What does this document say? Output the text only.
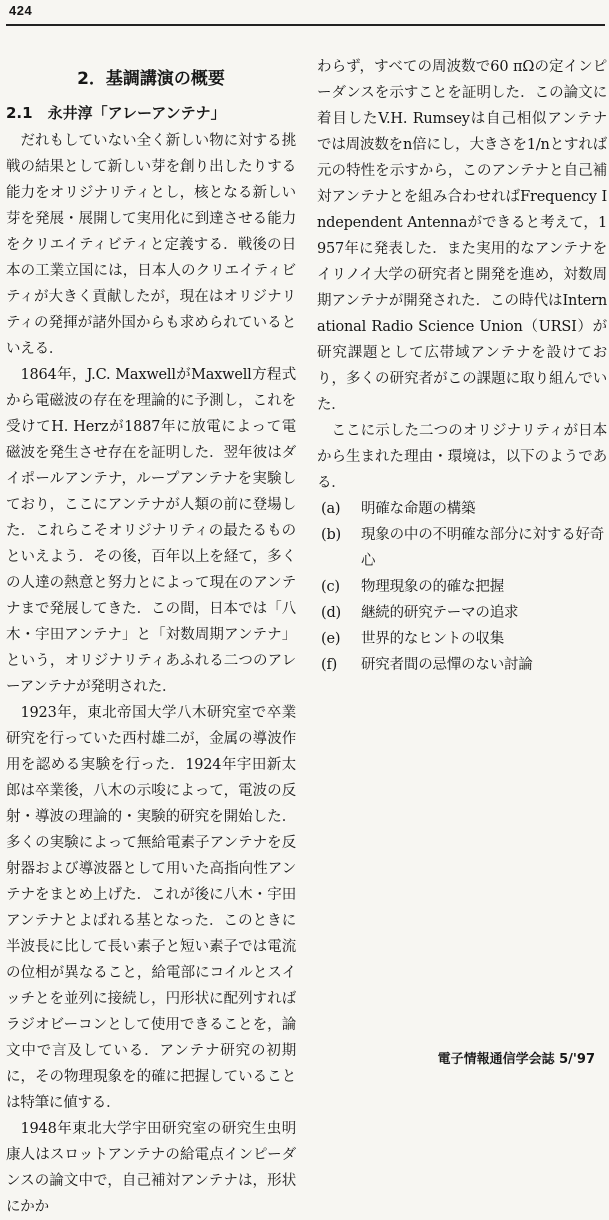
424
2．基調講演の概要
2.1　永井淳「アレーアンテナ」

だれもしていない全く新しい物に対する挑戦の結果として新しい芽を創り出したりする能力をオリジナリティとし，核となる新しい芽を発展・展開して実用化に到達させる能力をクリエイティビティと定義する．戦後の日本の工業立国には，日本人のクリエイティビティが大きく貢献したが，現在はオリジナリティの発揮が諸外国からも求められているといえる．

1864年，J.C. MaxwellがMaxwell方程式から電磁波の存在を理論的に予測し，これを受けてH. Herzが1887年に放電によって電磁波を発生させ存在を証明した．翌年彼はダイポールアンテナ，ループアンテナを実験しており，ここにアンテナが人類の前に登場した．これらこそオリジナリティの最たるものといえよう．その後，百年以上を経て，多くの人達の熱意と努力とによって現在のアンテナまで発展してきた．この間，日本では「八木・宇田アンテナ」と「対数周期アンテナ」という，オリジナリティあふれる二つのアレーアンテナが発明された．

1923年，東北帝国大学八木研究室で卒業研究を行っていた西村雄二が，金属の導波作用を認める実験を行った．1924年宇田新太郎は卒業後，八木の示唆によって，電波の反射・導波の理論的・実験的研究を開始した．多くの実験によって無給電素子アンテナを反射器および導波器として用いた高指向性アンテナをまとめ上げた．これが後に八木・宇田アンテナとよばれる基となった．このときに半波長に比して長い素子と短い素子では電流の位相が異なること，給電部にコイルとスイッチとを並列に接続し，円形状に配列すればラジオビーコンとして使用できることを，論文中で言及している．アンテナ研究の初期に，その物理現象を的確に把握していることは特筆に値する．

1948年東北大学宇田研究室の研究生虫明康人はスロットアンテナの給電点インピーダンスの論文中で，自己補対アンテナは，形状にかか

わらず，すべての周波数で60 πΩの定インピーダンスを示すことを証明した．この論文に着目したV.H. Rumseyは自己相似アンテナでは周波数をn倍にし，大きさを1/nとすれば元の特性を示すから，このアンテナと自己補対アンテナとを組み合わせればFrequency Independent Antennaができると考えて，1957年に発表した．また実用的なアンテナをイリノイ大学の研究者と開発を進め，対数周期アンテナが開発された．この時代はInternational Radio Science Union（URSI）が研究課題として広帯域アンテナを設けており，多くの研究者がこの課題に取り組んでいた．

ここに示した二つのオリジナリティが日本から生まれた理由・環境は，以下のようである．

(a)	明確な命題の構築
(b)	現象の中の不明確な部分に対する好奇心
(c)	物理現象の的確な把握
(d)	継続的研究テーマの追求
(e)	世界的なヒントの収集
(f)	研究者間の忌憚のない討論
電子情報通信学会誌 5/'97
